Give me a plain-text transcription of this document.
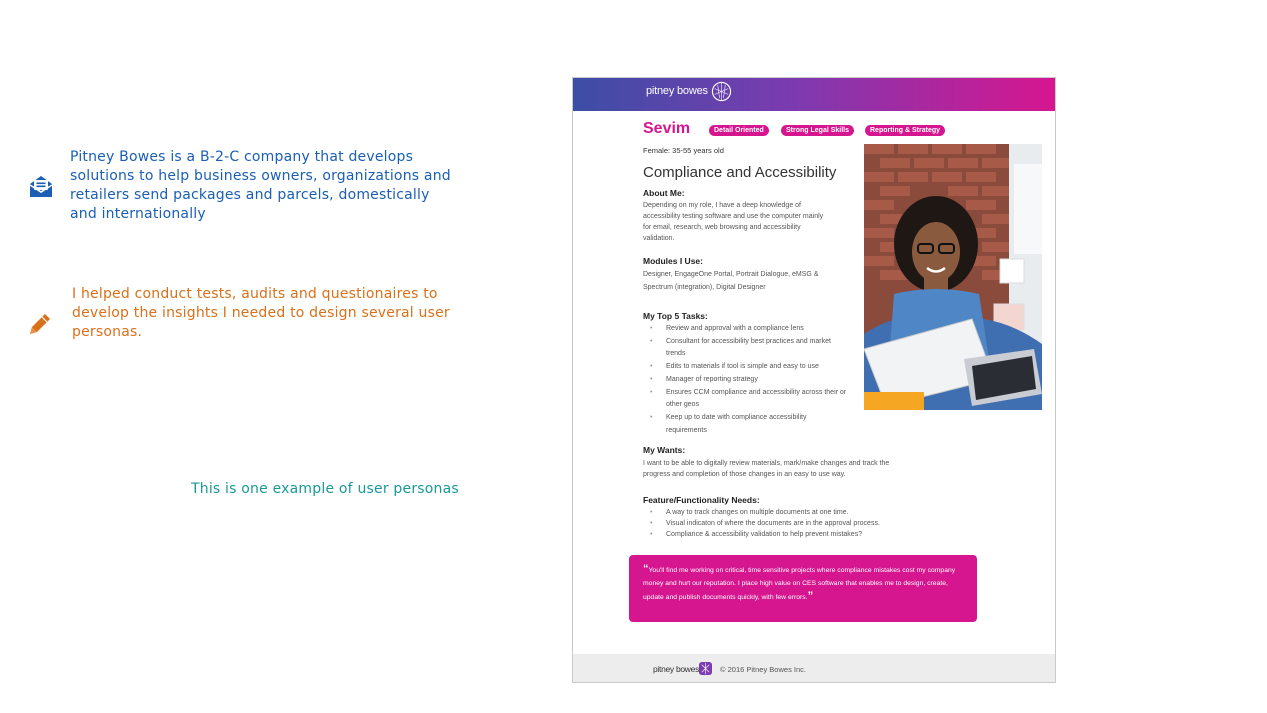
Pitney Bowes is a B-2-C company that develops solutions to help business owners, organizations and retailers send packages and parcels, domestically and internationally
I helped conduct tests, audits and questionaires to develop the insights I needed to design several user personas.
This is one example of user personas
pitney bowes
Sevim	Detail Oriented	Strong Legal Skills	Reporting & Strategy
Female: 35-55 years old
Compliance and Accessibility
About Me:
Depending on my role, I have a deep knowledge of accessibility testing software and use the computer mainly for email, research, web browsing and accessibility validation.
Modules I Use:
Designer, EngageOne Portal, Portrait Dialogue, eMSG & Spectrum (integration), Digital Designer
My Top 5 Tasks:
• Review and approval with a compliance lens
• Consultant for accessibility best practices and market trends
• Edits to materials if tool is simple and easy to use
• Manager of reporting strategy
• Ensures CCM compliance and accessibility across their or other geos
• Keep up to date with compliance accessibility requirements
My Wants:
I want to be able to digitally review materials, mark/make changes and track the progress and completion of those changes in an easy to use way.
Feature/Functionality Needs:
• A way to track changes on multiple documents at one time.
• Visual indicaton of where the documents are in the approval process.
• Compliance & accessibility validation to help prevent mistakes?
“You'll find me working on critical, time sensitive projects where compliance mistakes cost my company money and hurt our reputation. I place high value on CES software that enables me to design, create, update and publish documents quickly, with few errors.”
pitney bowes	© 2016 Pitney Bowes Inc.
